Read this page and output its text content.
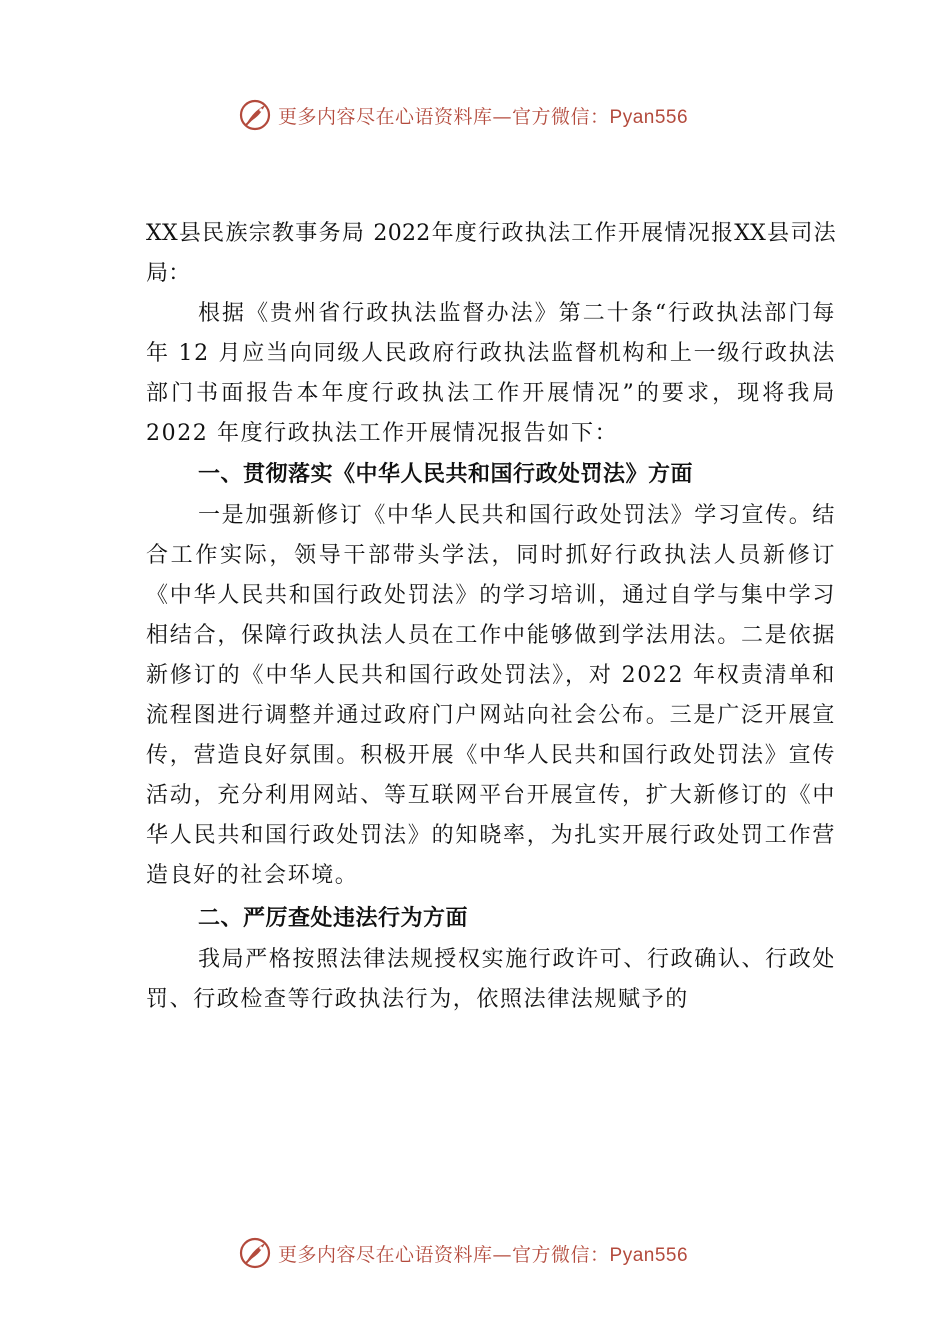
更多内容尽在心语资料库—官方微信：Pyan556

XX县民族宗教事务局 2022年度行政执法工作开展情况报XX县司法局：

根据《贵州省行政执法监督办法》第二十条“行政执法部门每年 12 月应当向同级人民政府行政执法监督机构和上一级行政执法部门书面报告本年度行政执法工作开展情况”的要求，现将我局 2022 年度行政执法工作开展情况报告如下：

一、贯彻落实《中华人民共和国行政处罚法》方面

一是加强新修订《中华人民共和国行政处罚法》学习宣传。结合工作实际，领导干部带头学法，同时抓好行政执法人员新修订《中华人民共和国行政处罚法》的学习培训，通过自学与集中学习相结合，保障行政执法人员在工作中能够做到学法用法。二是依据新修订的《中华人民共和国行政处罚法》，对 2022 年权责清单和流程图进行调整并通过政府门户网站向社会公布。三是广泛开展宣传，营造良好氛围。积极开展《中华人民共和国行政处罚法》宣传活动，充分利用网站、等互联网平台开展宣传，扩大新修订的《中华人民共和国行政处罚法》的知晓率，为扎实开展行政处罚工作营造良好的社会环境。

二、严厉查处违法行为方面

我局严格按照法律法规授权实施行政许可、行政确认、行政处罚、行政检查等行政执法行为，依照法律法规赋予的

更多内容尽在心语资料库—官方微信：Pyan556
